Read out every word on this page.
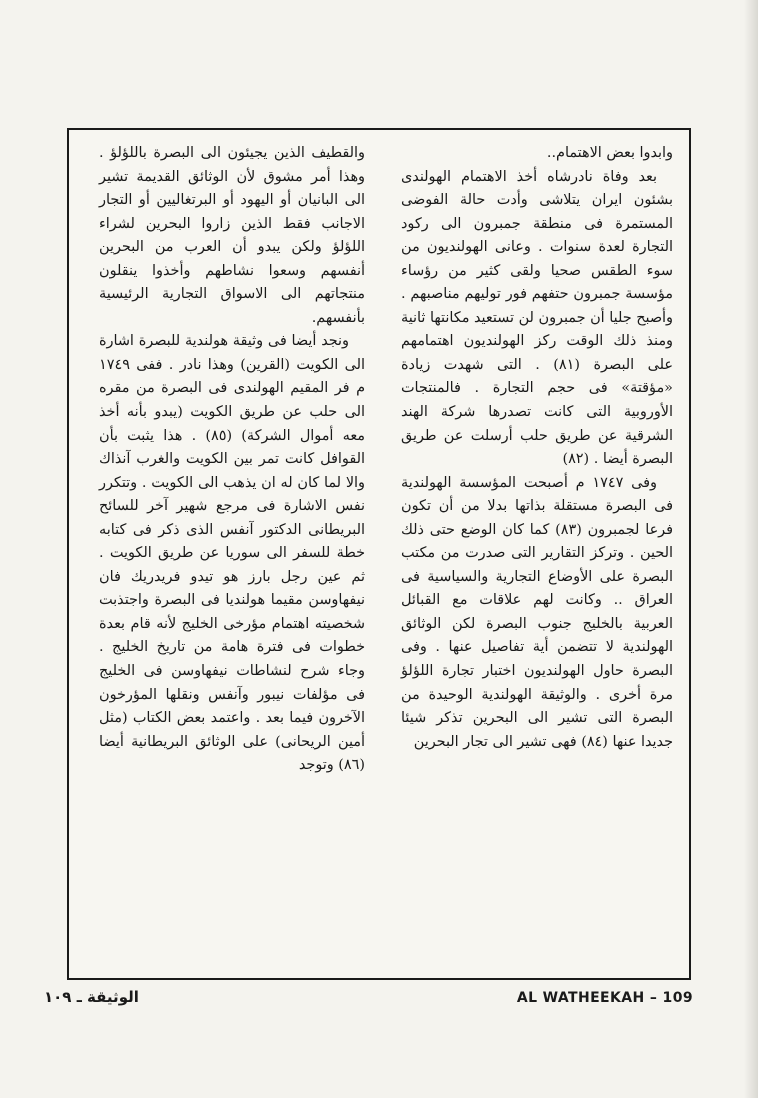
وابدوا بعض الاهتمام..

بعد وفاة نادرشاه أخذ الاهتمام الهولندى بشئون ايران يتلاشى وأدت حالة الفوضى المستمرة فى منطقة جمبرون الى ركود التجارة لعدة سنوات . وعانى الهولنديون من سوء الطقس صحيا ولقى كثير من رؤساء مؤسسة جمبرون حتفهم فور توليهم مناصبهم . وأصبح جليا أن جمبرون لن تستعيد مكانتها ثانية ومنذ ذلك الوقت ركز الهولنديون اهتمامهم على البصرة (٨١) . التى شهدت زيادة «مؤقتة» فى حجم التجارة . فالمنتجات الأوروبية التى كانت تصدرها شركة الهند الشرقية عن طريق حلب أرسلت عن طريق البصرة أيضا . (٨٢)

وفى ١٧٤٧ م أصبحت المؤسسة الهولندية فى البصرة مستقلة بذاتها بدلا من أن تكون فرعا لجمبرون (٨٣) كما كان الوضع حتى ذلك الحين . وتركز التقارير التى صدرت من مكتب البصرة على الأوضاع التجارية والسياسية فى العراق .. وكانت لهم علاقات مع القبائل العربية بالخليج جنوب البصرة لكن الوثائق الهولندية لا تتضمن أية تفاصيل عنها . وفى البصرة حاول الهولنديون اختبار تجارة اللؤلؤ مرة أخرى . والوثيقة الهولندية الوحيدة من البصرة التى تشير الى البحرين تذكر شيئا جديدا عنها (٨٤) فهى تشير الى تجار البحرين

والقطيف الذين يجيئون الى البصرة باللؤلؤ . وهذا أمر مشوق لأن الوثائق القديمة تشير الى البانيان أو اليهود أو البرتغاليين أو التجار الاجانب فقط الذين زاروا البحرين لشراء اللؤلؤ ولكن يبدو أن العرب من البحرين أنفسهم وسعوا نشاطهم وأخذوا ينقلون منتجاتهم الى الاسواق التجارية الرئيسية بأنفسهم.

ونجد أيضا فى وثيقة هولندية للبصرة اشارة الى الكويت (القرين) وهذا نادر . ففى ١٧٤٩ م فر المقيم الهولندى فى البصرة من مقره الى حلب عن طريق الكويت (يبدو بأنه أخذ معه أموال الشركة) (٨٥) . هذا يثبت بأن القوافل كانت تمر بين الكويت والغرب آنذاك والا لما كان له ان يذهب الى الكويت . وتتكرر نفس الاشارة فى مرجع شهير آخر للسائح البريطانى الدكتور آنفس الذى ذكر فى كتابه خطة للسفر الى سوريا عن طريق الكويت . ثم عين رجل بارز هو تيدو فريدريك فان نيفهاوسن مقيما هولنديا فى البصرة واجتذبت شخصيته اهتمام مؤرخى الخليج لأنه قام بعدة خطوات فى فترة هامة من تاريخ الخليج . وجاء شرح لنشاطات نيفهاوسن فى الخليج فى مؤلفات نيبور وآنفس ونقلها المؤرخون الآخرون فيما بعد . واعتمد بعض الكتاب (مثل أمين الريحانى) على الوثائق البريطانية أيضا (٨٦) وتوجد

الوثيقة ـ ١٠٩	AL WATHEEKAH – 109
